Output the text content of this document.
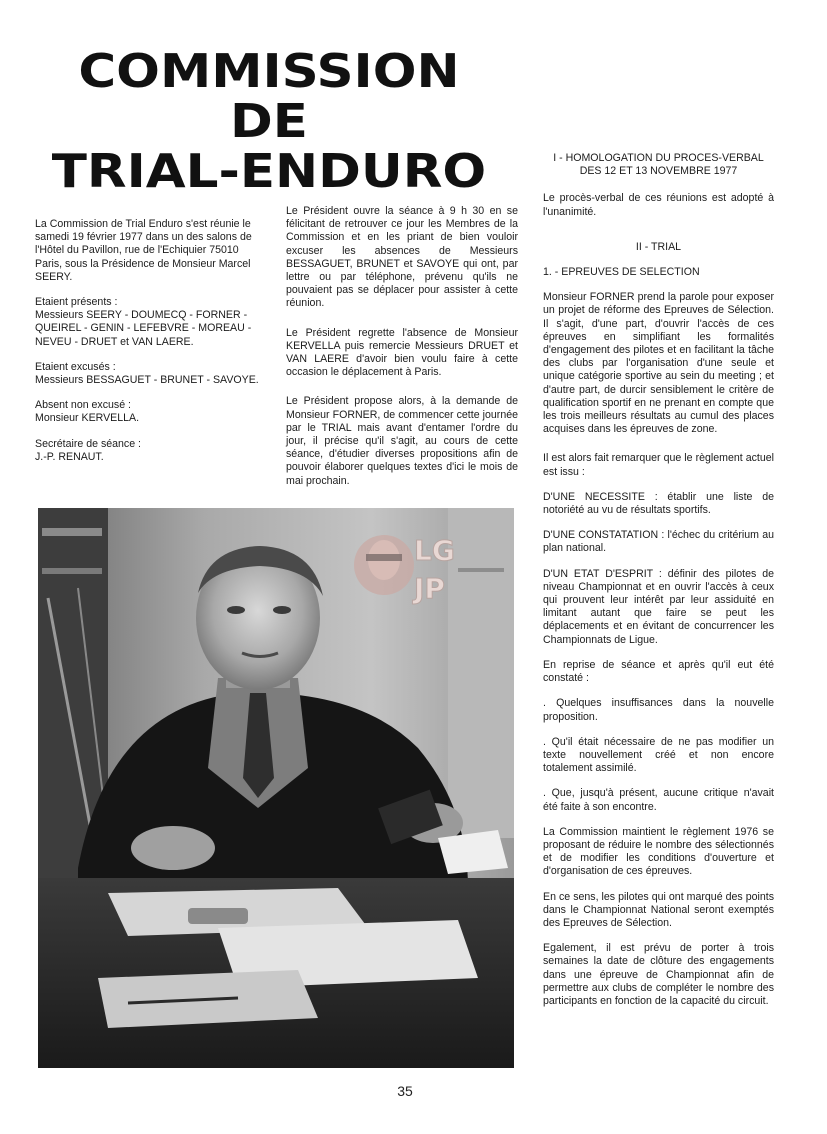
COMMISSION
DE
TRIAL-ENDURO

La Commission de Trial Enduro s'est réunie le samedi 19 février 1977 dans un des salons de l'Hôtel du Pavillon, rue de l'Echiquier 75010 Paris, sous la Présidence de Monsieur Marcel SEERY.

Etaient présents :

Messieurs SEERY - DOUMECQ - FORNER - QUEIREL - GENIN - LEFEBVRE - MOREAU - NEVEU - DRUET et VAN LAERE.

Etaient excusés :

Messieurs BESSAGUET - BRUNET - SAVOYE.

Absent non excusé :

Monsieur KERVELLA.

Secrétaire de séance :

J.-P. RENAUT.

Le Président ouvre la séance à 9 h 30 en se félicitant de retrouver ce jour les Membres de la Commission et en les priant de bien vouloir excuser les absences de Messieurs BESSAGUET, BRUNET et SAVOYE qui ont, par lettre ou par téléphone, prévenu qu'ils ne pouvaient pas se déplacer pour assister à cette réunion.

Le Président regrette l'absence de Monsieur KERVELLA puis remercie Messieurs DRUET et VAN LAERE d'avoir bien voulu faire à cette occasion le déplacement à Paris.

Le Président propose alors, à la demande de Monsieur FORNER, de commencer cette journée par le TRIAL mais avant d'entamer l'ordre du jour, il précise qu'il s'agit, au cours de cette séance, d'étudier diverses propositions afin de pouvoir élaborer quelques textes d'ici le mois de mai prochain.

I - HOMOLOGATION DU PROCES-VERBAL DES 12 ET 13 NOVEMBRE 1977

Le procès-verbal de ces réunions est adopté à l'unanimité.

II - TRIAL

1. - EPREUVES DE SELECTION

Monsieur FORNER prend la parole pour exposer un projet de réforme des Epreuves de Sélection. Il s'agit, d'une part, d'ouvrir l'accès de ces épreuves en simplifiant les formalités d'engagement des pilotes et en facilitant la tâche des clubs par l'organisation d'une seule et unique catégorie sportive au sein du meeting ; et d'autre part, de durcir sensiblement le critère de qualification sportif en ne prenant en compte que les trois meilleurs résultats au cumul des places acquises dans les épreuves de zone.

Il est alors fait remarquer que le règlement actuel est issu :

D'UNE NECESSITE : établir une liste de notoriété au vu de résultats sportifs.

D'UNE CONSTATATION : l'échec du critérium au plan national.

D'UN ETAT D'ESPRIT : définir des pilotes de niveau Championnat et en ouvrir l'accès à ceux qui prouvent leur intérêt par leur assiduité en limitant autant que faire se peut les déplacements et en évitant de concurrencer les Championnats de Ligue.

En reprise de séance et après qu'il eut été constaté :

. Quelques insuffisances dans la nouvelle proposition.

. Qu'il était nécessaire de ne pas modifier un texte nouvellement créé et non encore totalement assimilé.

. Que, jusqu'à présent, aucune critique n'avait été faite à son encontre.

La Commission maintient le règlement 1976 se proposant de réduire le nombre des sélectionnés et de modifier les conditions d'ouverture et d'organisation de ces épreuves.

En ce sens, les pilotes qui ont marqué des points dans le Championnat National seront exemptés des Epreuves de Sélection.

Egalement, il est prévu de porter à trois semaines la date de clôture des engagements dans une épreuve de Championnat afin de permettre aux clubs de compléter le nombre des participants en fonction de la capacité du circuit.

LG
JP
35
